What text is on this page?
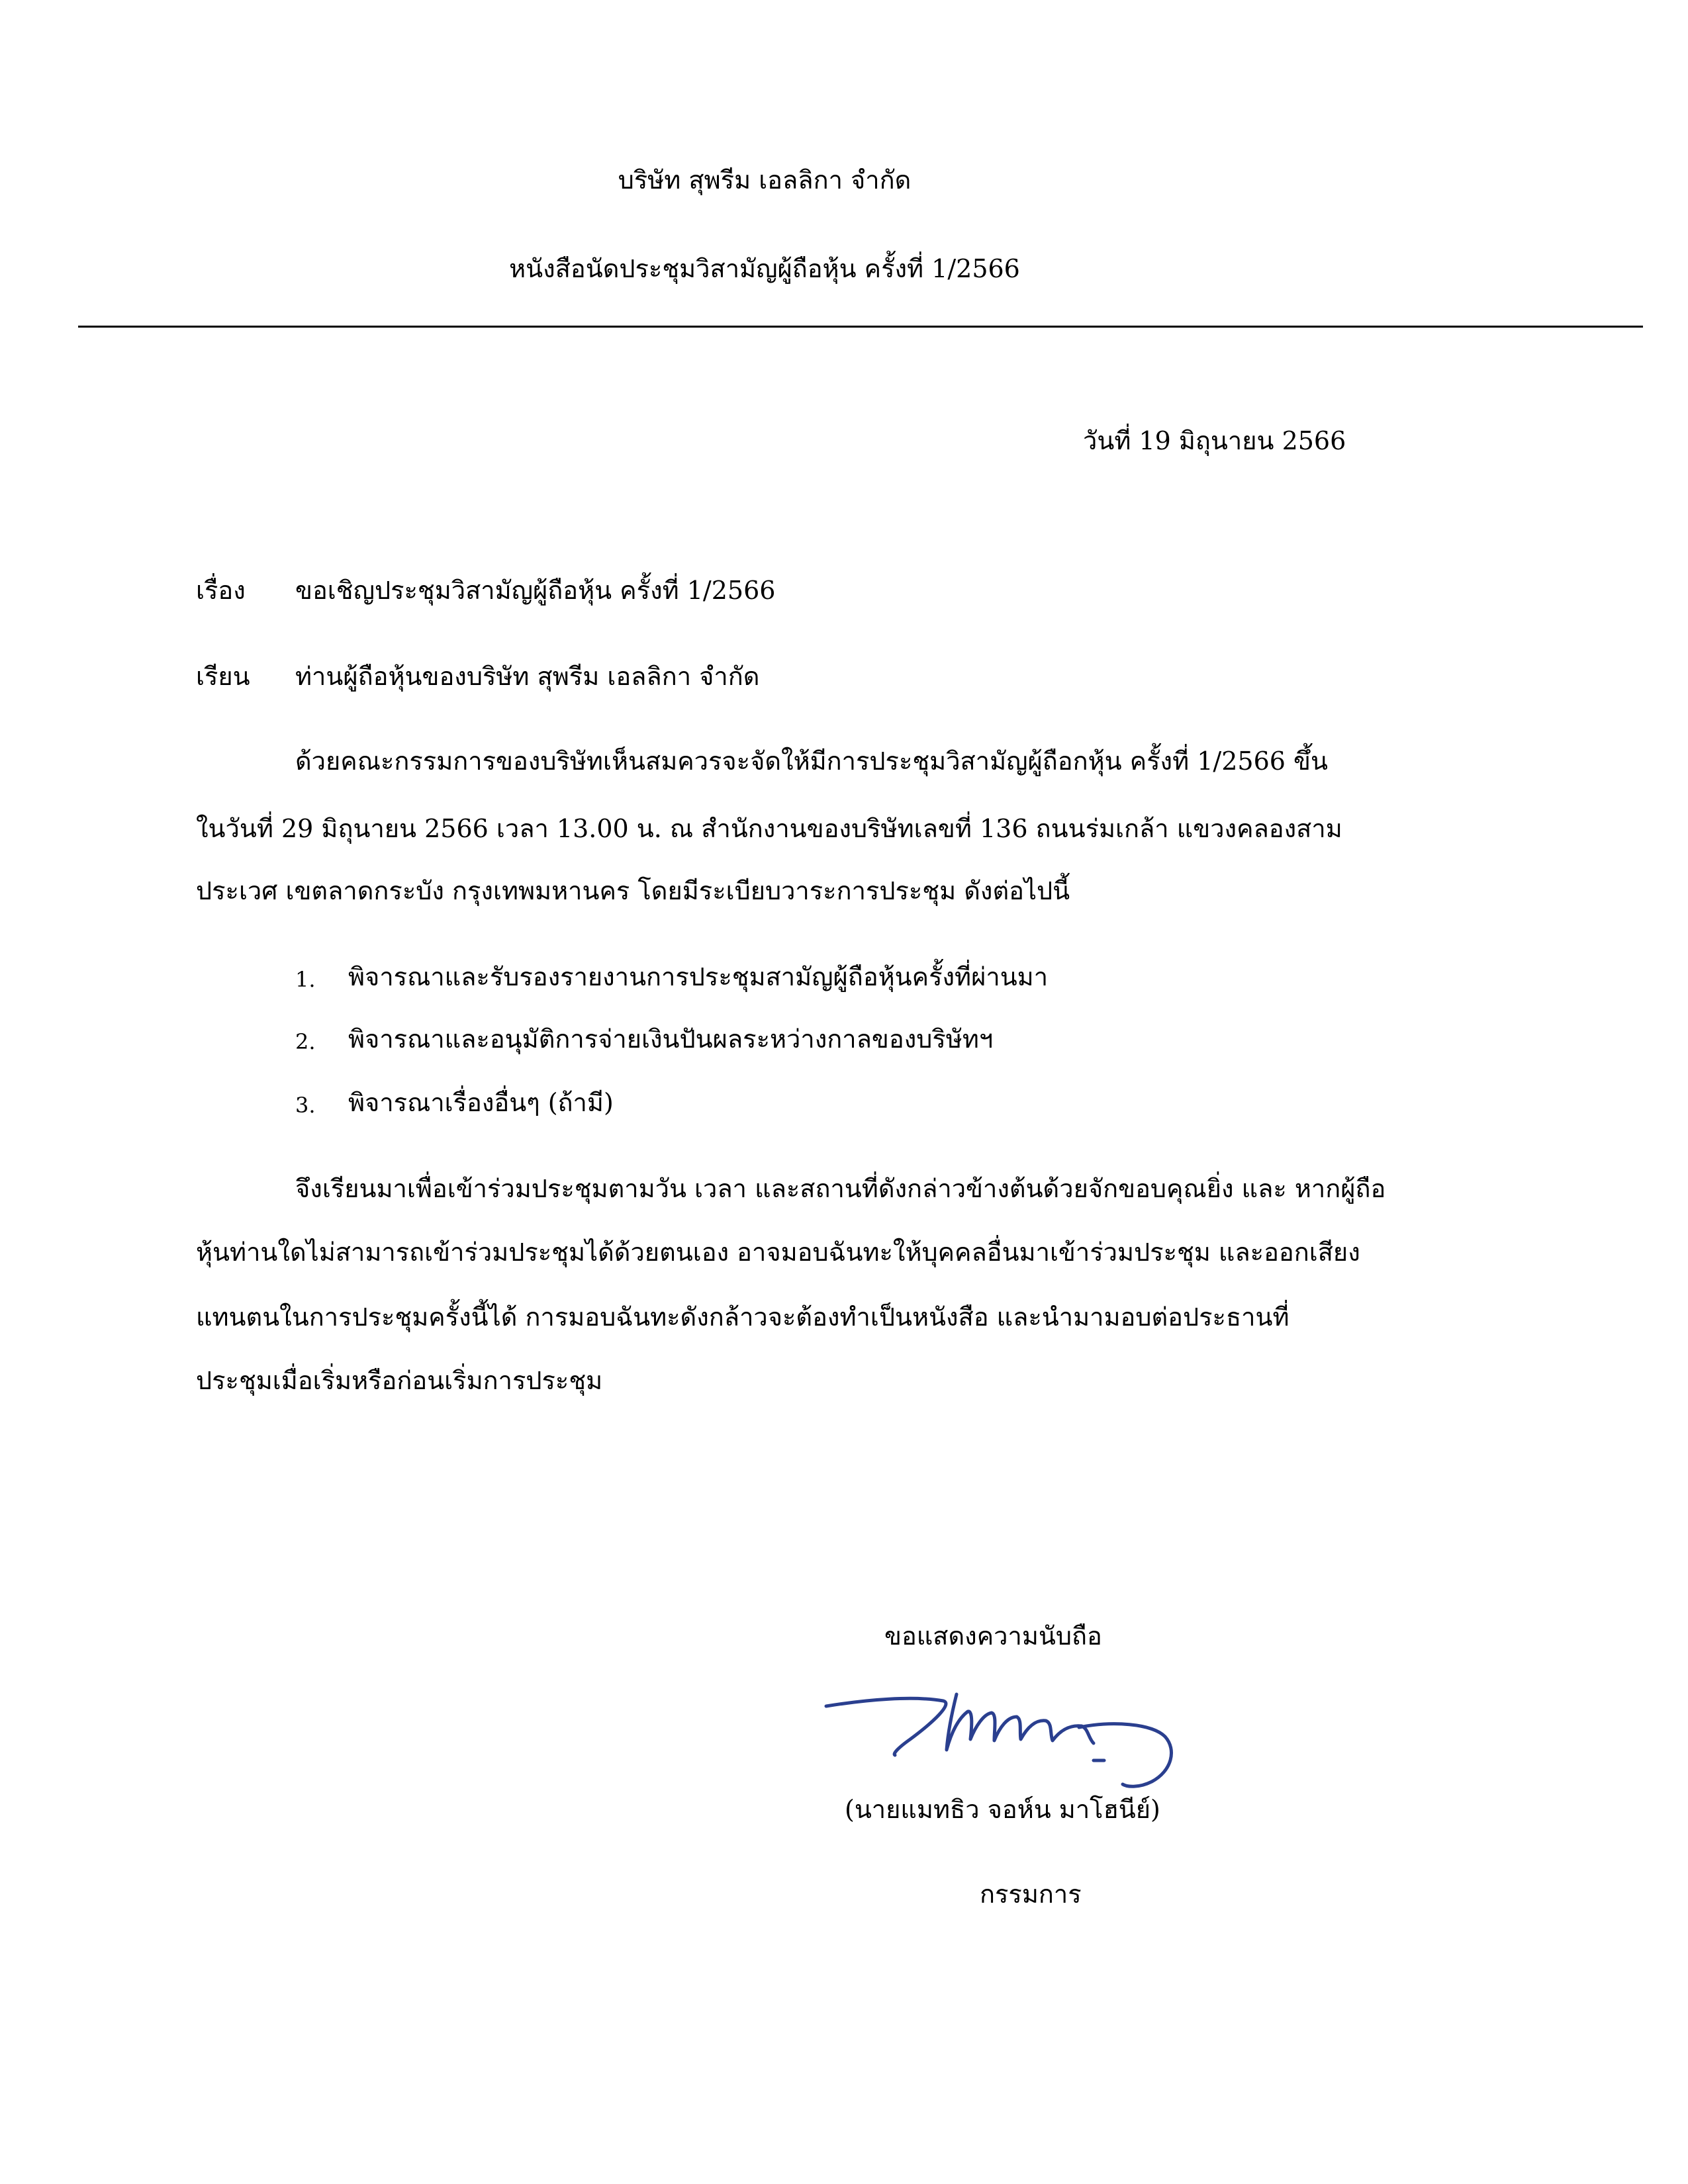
บริษัท สุพรีม เอลลิกา จำกัด
หนังสือนัดประชุมวิสามัญผู้ถือหุ้น ครั้งที่ 1/2566
วันที่ 19 มิถุนายน 2566
เรื่อง ขอเชิญประชุมวิสามัญผู้ถือหุ้น ครั้งที่ 1/2566
เรียน ท่านผู้ถือหุ้นของบริษัท สุพรีม เอลลิกา จำกัด
ด้วยคณะกรรมการของบริษัทเห็นสมควรจะจัดให้มีการประชุมวิสามัญผู้ถือกหุ้น ครั้งที่ 1/2566 ขึ้น
ในวันที่ 29 มิถุนายน 2566 เวลา 13.00 น. ณ สำนักงานของบริษัทเลขที่ 136 ถนนร่มเกล้า แขวงคลองสาม
ประเวศ เขตลาดกระบัง กรุงเทพมหานคร โดยมีระเบียบวาระการประชุม ดังต่อไปนี้
1. พิจารณาและรับรองรายงานการประชุมสามัญผู้ถือหุ้นครั้งที่ผ่านมา
2. พิจารณาและอนุมัติการจ่ายเงินปันผลระหว่างกาลของบริษัทฯ
3. พิจารณาเรื่องอื่นๆ (ถ้ามี)
จึงเรียนมาเพื่อเข้าร่วมประชุมตามวัน เวลา และสถานที่ดังกล่าวข้างต้นด้วยจักขอบคุณยิ่ง และ หากผู้ถือ
หุ้นท่านใดไม่สามารถเข้าร่วมประชุมได้ด้วยตนเอง อาจมอบฉันทะให้บุคคลอื่นมาเข้าร่วมประชุม และออกเสียง
แทนตนในการประชุมครั้งนี้ได้ การมอบฉันทะดังกล้าวจะต้องทำเป็นหนังสือ และนำมามอบต่อประธานที่
ประชุมเมื่อเริ่มหรือก่อนเริ่มการประชุม
ขอแสดงความนับถือ
(นายแมทธิว จอห์น มาโฮนีย์)
กรรมการ
